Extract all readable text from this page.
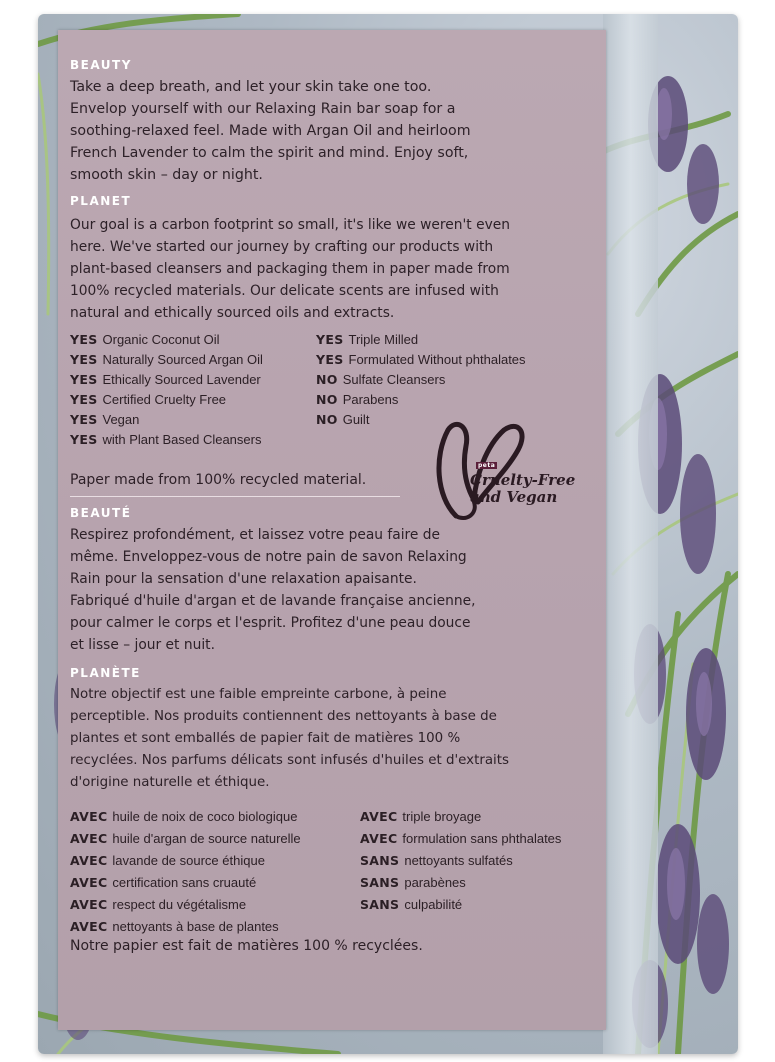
BEAUTY
Take a deep breath, and let your skin take one too.
Envelop yourself with our Relaxing Rain bar soap for a
soothing-relaxed feel. Made with Argan Oil and heirloom
French Lavender to calm the spirit and mind. Enjoy soft,
smooth skin – day or night.
PLANET
Our goal is a carbon footprint so small, it's like we weren't even
here. We've started our journey by crafting our products with
plant-based cleansers and packaging them in paper made from
100% recycled materials. Our delicate scents are infused with
natural and ethically sourced oils and extracts.
YES Organic Coconut Oil
YES Naturally Sourced Argan Oil
YES Ethically Sourced Lavender
YES Certified Cruelty Free
YES Vegan
YES with Plant Based Cleansers
YES Triple Milled
YES Formulated Without phthalates
NO Sulfate Cleansers
NO Parabens
NO Guilt
Paper made from 100% recycled material.
peta
Cruelty-Free
and Vegan
BEAUTÉ
Respirez profondément, et laissez votre peau faire de
même. Enveloppez-vous de notre pain de savon Relaxing
Rain pour la sensation d'une relaxation apaisante.
Fabriqué d'huile d'argan et de lavande française ancienne,
pour calmer le corps et l'esprit. Profitez d'une peau douce
et lisse – jour et nuit.
PLANÈTE
Notre objectif est une faible empreinte carbone, à peine
perceptible. Nos produits contiennent des nettoyants à base de
plantes et sont emballés de papier fait de matières 100 %
recyclées. Nos parfums délicats sont infusés d'huiles et d'extraits
d'origine naturelle et éthique.
AVEC huile de noix de coco biologique
AVEC huile d'argan de source naturelle
AVEC lavande de source éthique
AVEC certification sans cruauté
AVEC respect du végétalisme
AVEC nettoyants à base de plantes
AVEC triple broyage
AVEC formulation sans phthalates
SANS nettoyants sulfatés
SANS parabènes
SANS culpabilité
Notre papier est fait de matières 100 % recyclées.
